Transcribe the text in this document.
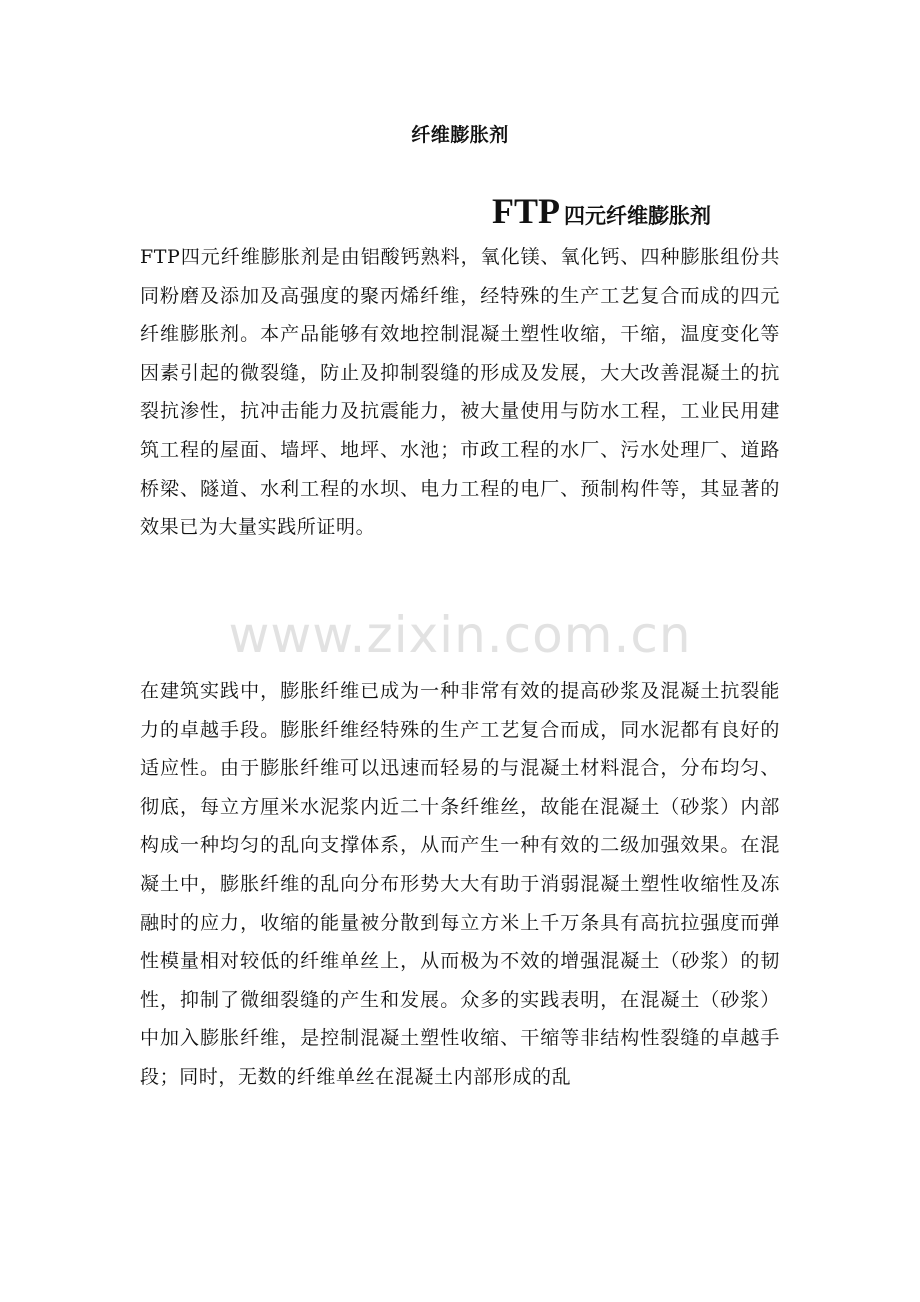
纤维膨胀剂
FTP 四元纤维膨胀剂

FTP四元纤维膨胀剂是由铝酸钙熟料，氧化镁、氧化钙、四种膨胀组份共同粉磨及添加及高强度的聚丙烯纤维，经特殊的生产工艺复合而成的四元纤维膨胀剂。本产品能够有效地控制混凝土塑性收缩，干缩，温度变化等因素引起的微裂缝，防止及抑制裂缝的形成及发展，大大改善混凝土的抗裂抗渗性，抗冲击能力及抗震能力，被大量使用与防水工程，工业民用建筑工程的屋面、墙坪、地坪、水池；市政工程的水厂、污水处理厂、道路桥梁、隧道、水利工程的水坝、电力工程的电厂、预制构件等，其显著的效果已为大量实践所证明。

www.zixin.com.cn

在建筑实践中，膨胀纤维已成为一种非常有效的提高砂浆及混凝土抗裂能力的卓越手段。膨胀纤维经特殊的生产工艺复合而成，同水泥都有良好的适应性。由于膨胀纤维可以迅速而轻易的与混凝土材料混合，分布均匀、彻底，每立方厘米水泥浆内近二十条纤维丝，故能在混凝土（砂浆）内部构成一种均匀的乱向支撑体系，从而产生一种有效的二级加强效果。在混凝土中，膨胀纤维的乱向分布形势大大有助于消弱混凝土塑性收缩性及冻融时的应力，收缩的能量被分散到每立方米上千万条具有高抗拉强度而弹性模量相对较低的纤维单丝上，从而极为不效的增强混凝土（砂浆）的韧性，抑制了微细裂缝的产生和发展。众多的实践表明，在混凝土（砂浆）中加入膨胀纤维，是控制混凝土塑性收缩、干缩等非结构性裂缝的卓越手段；同时，无数的纤维单丝在混凝土内部形成的乱
